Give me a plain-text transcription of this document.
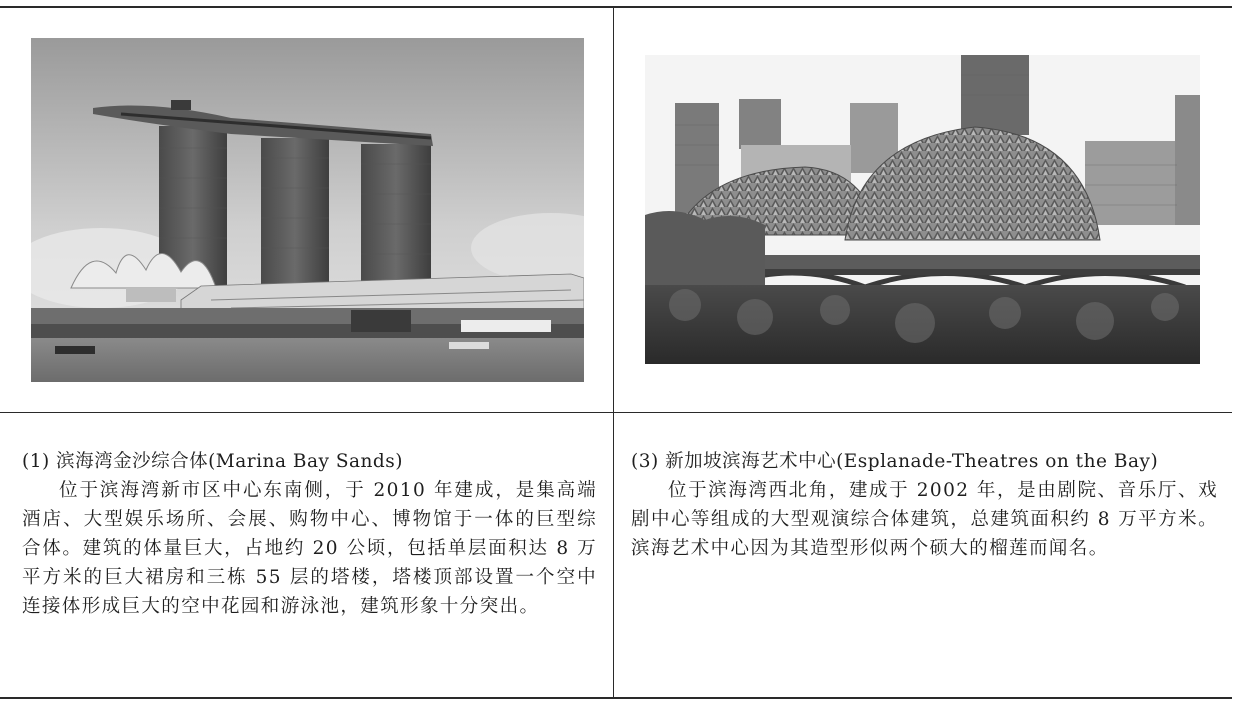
(1) 滨海湾金沙综合体(Marina Bay Sands)
位于滨海湾新市区中心东南侧，于 2010 年建成，是集高端酒店、大型娱乐场所、会展、购物中心、博物馆于一体的巨型综合体。建筑的体量巨大，占地约 20 公顷，包括单层面积达 8 万平方米的巨大裙房和三栋 55 层的塔楼，塔楼顶部设置一个空中连接体形成巨大的空中花园和游泳池，建筑形象十分突出。
(3) 新加坡滨海艺术中心(Esplanade-Theatres on the Bay)
位于滨海湾西北角，建成于 2002 年，是由剧院、音乐厅、戏剧中心等组成的大型观演综合体建筑，总建筑面积约 8 万平方米。滨海艺术中心因为其造型形似两个硕大的榴莲而闻名。
